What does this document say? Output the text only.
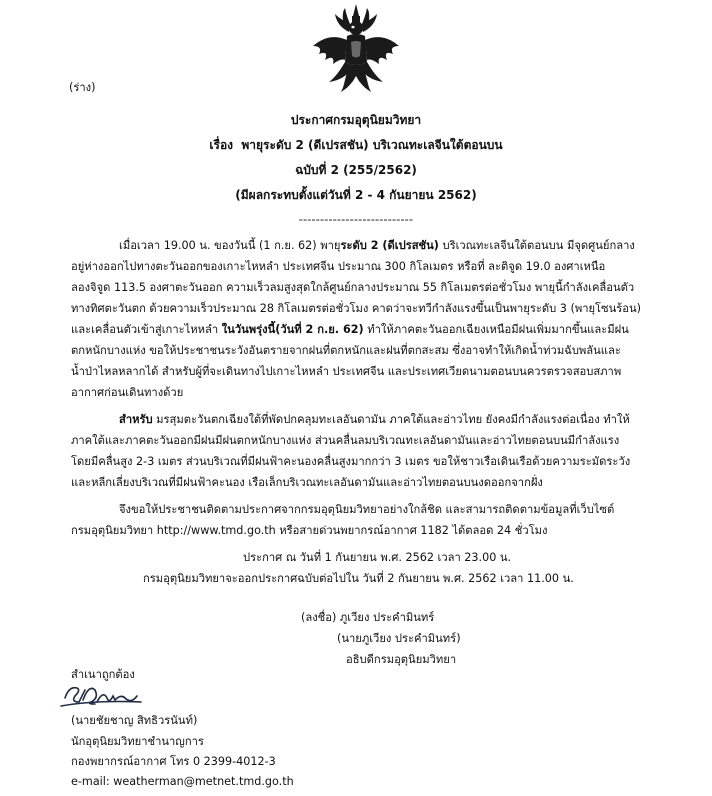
(ร่าง)
ประกาศกรมอุตุนิยมวิทยา
เรื่อง พายุระดับ 2 (ดีเปรสชัน) บริเวณทะเลจีนใต้ตอนบน
ฉบับที่ 2 (255/2562)
(มีผลกระทบตั้งแต่วันที่ 2 - 4 กันยายน 2562)
---------------------------
เมื่อเวลา 19.00 น. ของวันนี้ (1 ก.ย. 62) พายุระดับ 2 (ดีเปรสชัน) บริเวณทะเลจีนใต้ตอนบน มีจุดศูนย์กลาง
อยู่ห่างออกไปทางตะวันออกของเกาะไหหลำ ประเทศจีน ประมาณ 300 กิโลเมตร หรือที่ ละติจูด 19.0 องศาเหนือ
ลองจิจูด 113.5 องศาตะวันออก ความเร็วลมสูงสุดใกล้ศูนย์กลางประมาณ 55 กิโลเมตรต่อชั่วโมง พายุนี้กำลังเคลื่อนตัว
ทางทิศตะวันตก ด้วยความเร็วประมาณ 28 กิโลเมตรต่อชั่วโมง คาดว่าจะทวีกำลังแรงขึ้นเป็นพายุระดับ 3 (พายุโซนร้อน)
และเคลื่อนตัวเข้าสู่เกาะไหหลำ ในวันพรุ่งนี้(วันที่ 2 ก.ย. 62) ทำให้ภาคตะวันออกเฉียงเหนือมีฝนเพิ่มมากขึ้นและมีฝน
ตกหนักบางแห่ง ขอให้ประชาชนระวังอันตรายจากฝนที่ตกหนักและฝนที่ตกสะสม ซึ่งอาจทำให้เกิดน้ำท่วมฉับพลันและ
น้ำป่าไหลหลากได้ สำหรับผู้ที่จะเดินทางไปเกาะไหหลำ ประเทศจีน และประเทศเวียดนามตอนบนควรตรวจสอบสภาพ
อากาศก่อนเดินทางด้วย
สำหรับ มรสุมตะวันตกเฉียงใต้ที่พัดปกคลุมทะเลอันดามัน ภาคใต้และอ่าวไทย ยังคงมีกำลังแรงต่อเนื่อง ทำให้
ภาคใต้และภาคตะวันออกมีฝนมีฝนตกหนักบางแห่ง ส่วนคลื่นลมบริเวณทะเลอันดามันและอ่าวไทยตอนบนมีกำลังแรง
โดยมีคลื่นสูง 2-3 เมตร ส่วนบริเวณที่มีฝนฟ้าคะนองคลื่นสูงมากกว่า 3 เมตร ขอให้ชาวเรือเดินเรือด้วยความระมัดระวัง
และหลีกเลี่ยงบริเวณที่มีฝนฟ้าคะนอง เรือเล็กบริเวณทะเลอันดามันและอ่าวไทยตอนบนงดออกจากฝั่ง
จึงขอให้ประชาชนติดตามประกาศจากกรมอุตุนิยมวิทยาอย่างใกล้ชิด และสามารถติดตามข้อมูลที่เว็บไซต์
กรมอุตุนิยมวิทยา http://www.tmd.go.th หรือสายด่วนพยากรณ์อากาศ 1182 ได้ตลอด 24 ชั่วโมง
ประกาศ ณ วันที่ 1 กันยายน พ.ศ. 2562 เวลา 23.00 น.
กรมอุตุนิยมวิทยาจะออกประกาศฉบับต่อไปใน วันที่ 2 กันยายน พ.ศ. 2562 เวลา 11.00 น.
(ลงชื่อ) ภูเวียง ประคำมินทร์
(นายภูเวียง ประคำมินทร์)
อธิบดีกรมอุตุนิยมวิทยา
สำเนาถูกต้อง
(นายชัยชาญ สิทธิวรนันท์)
นักอุตุนิยมวิทยาชำนาญการ
กองพยากรณ์อากาศ โทร 0 2399-4012-3
e-mail: weatherman@metnet.tmd.go.th
